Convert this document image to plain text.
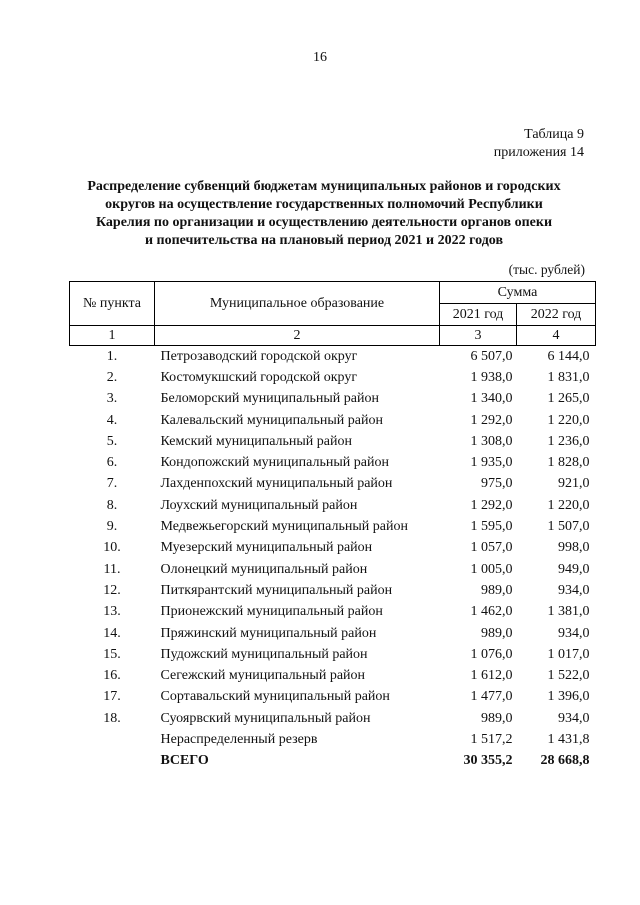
16
Таблица 9
приложения 14
Распределение субвенций бюджетам муниципальных районов и городских
округов на осуществление государственных полномочий Республики
Карелия по организации и осуществлению деятельности органов опеки
и попечительства на плановый период 2021 и 2022 годов
(тыс. рублей)
№ пункта	Муниципальное образование	Сумма	
		2021 год	2022 год
1	2	3	4
1.	Петрозаводский городской округ	6 507,0	6 144,0
2.	Костомукшский городской округ	1 938,0	1 831,0
3.	Беломорский муниципальный район	1 340,0	1 265,0
4.	Калевальский муниципальный район	1 292,0	1 220,0
5.	Кемский муниципальный район	1 308,0	1 236,0
6.	Кондопожский муниципальный район	1 935,0	1 828,0
7.	Лахденпохский муниципальный район	975,0	921,0
8.	Лоухский муниципальный район	1 292,0	1 220,0
9.	Медвежьегорский муниципальный район	1 595,0	1 507,0
10.	Муезерский муниципальный район	1 057,0	998,0
11.	Олонецкий муниципальный район	1 005,0	949,0
12.	Питкярантский муниципальный район	989,0	934,0
13.	Прионежский муниципальный район	1 462,0	1 381,0
14.	Пряжинский муниципальный район	989,0	934,0
15.	Пудожский муниципальный район	1 076,0	1 017,0
16.	Сегежский муниципальный район	1 612,0	1 522,0
17.	Сортавальский муниципальный район	1 477,0	1 396,0
18.	Суоярвский муниципальный район	989,0	934,0
	Нераспределенный резерв	1 517,2	1 431,8
	ВСЕГО	30 355,2	28 668,8
